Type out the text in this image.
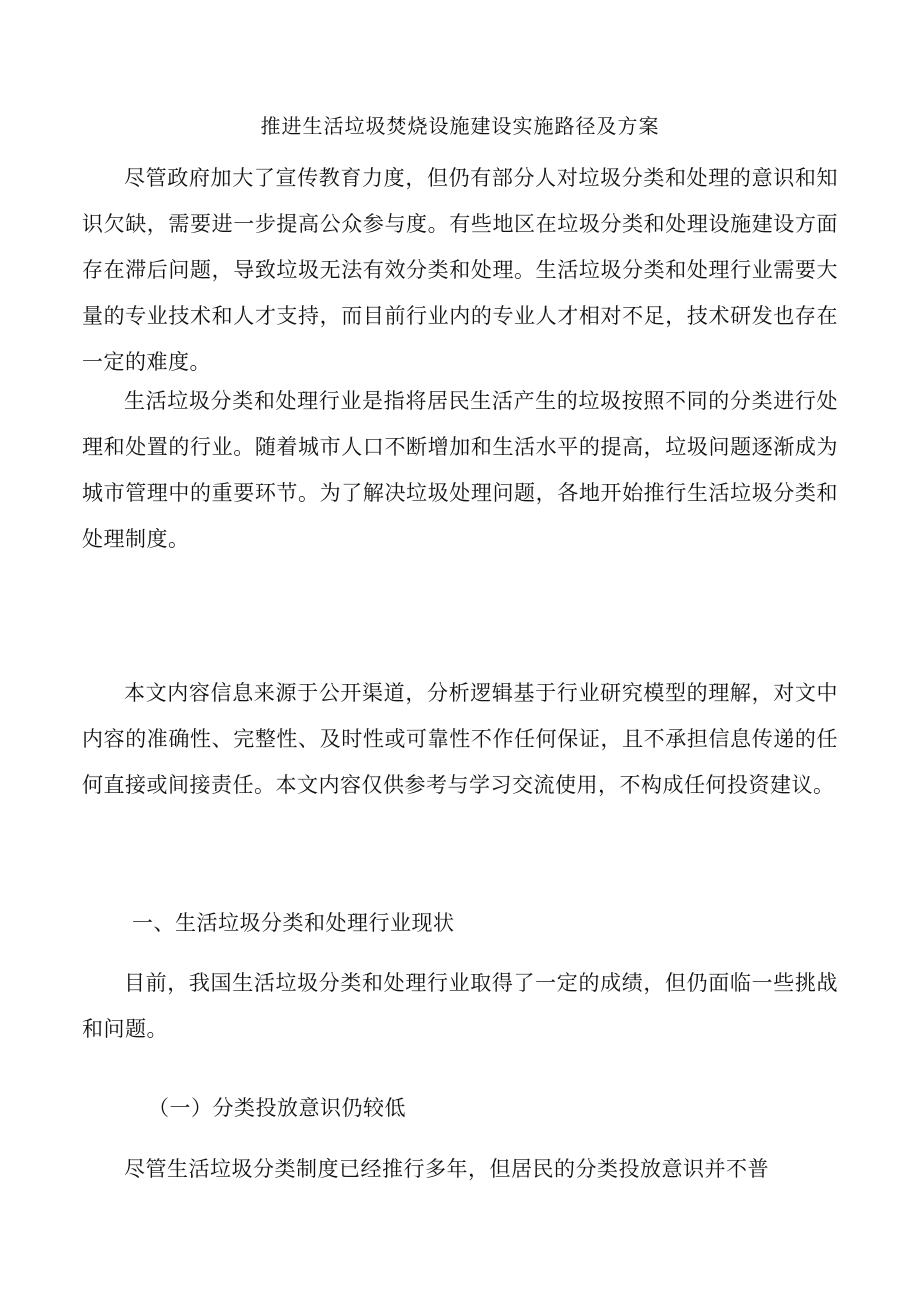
推进生活垃圾焚烧设施建设实施路径及方案

尽管政府加大了宣传教育力度，但仍有部分人对垃圾分类和处理的意识和知识欠缺，需要进一步提高公众参与度。有些地区在垃圾分类和处理设施建设方面存在滞后问题，导致垃圾无法有效分类和处理。生活垃圾分类和处理行业需要大量的专业技术和人才支持，而目前行业内的专业人才相对不足，技术研发也存在一定的难度。

生活垃圾分类和处理行业是指将居民生活产生的垃圾按照不同的分类进行处理和处置的行业。随着城市人口不断增加和生活水平的提高，垃圾问题逐渐成为城市管理中的重要环节。为了解决垃圾处理问题，各地开始推行生活垃圾分类和处理制度。

本文内容信息来源于公开渠道，分析逻辑基于行业研究模型的理解，对文中内容的准确性、完整性、及时性或可靠性不作任何保证，且不承担信息传递的任何直接或间接责任。本文内容仅供参考与学习交流使用，不构成任何投资建议。

一、生活垃圾分类和处理行业现状

目前，我国生活垃圾分类和处理行业取得了一定的成绩，但仍面临一些挑战和问题。

（一）分类投放意识仍较低

尽管生活垃圾分类制度已经推行多年，但居民的分类投放意识并不普
